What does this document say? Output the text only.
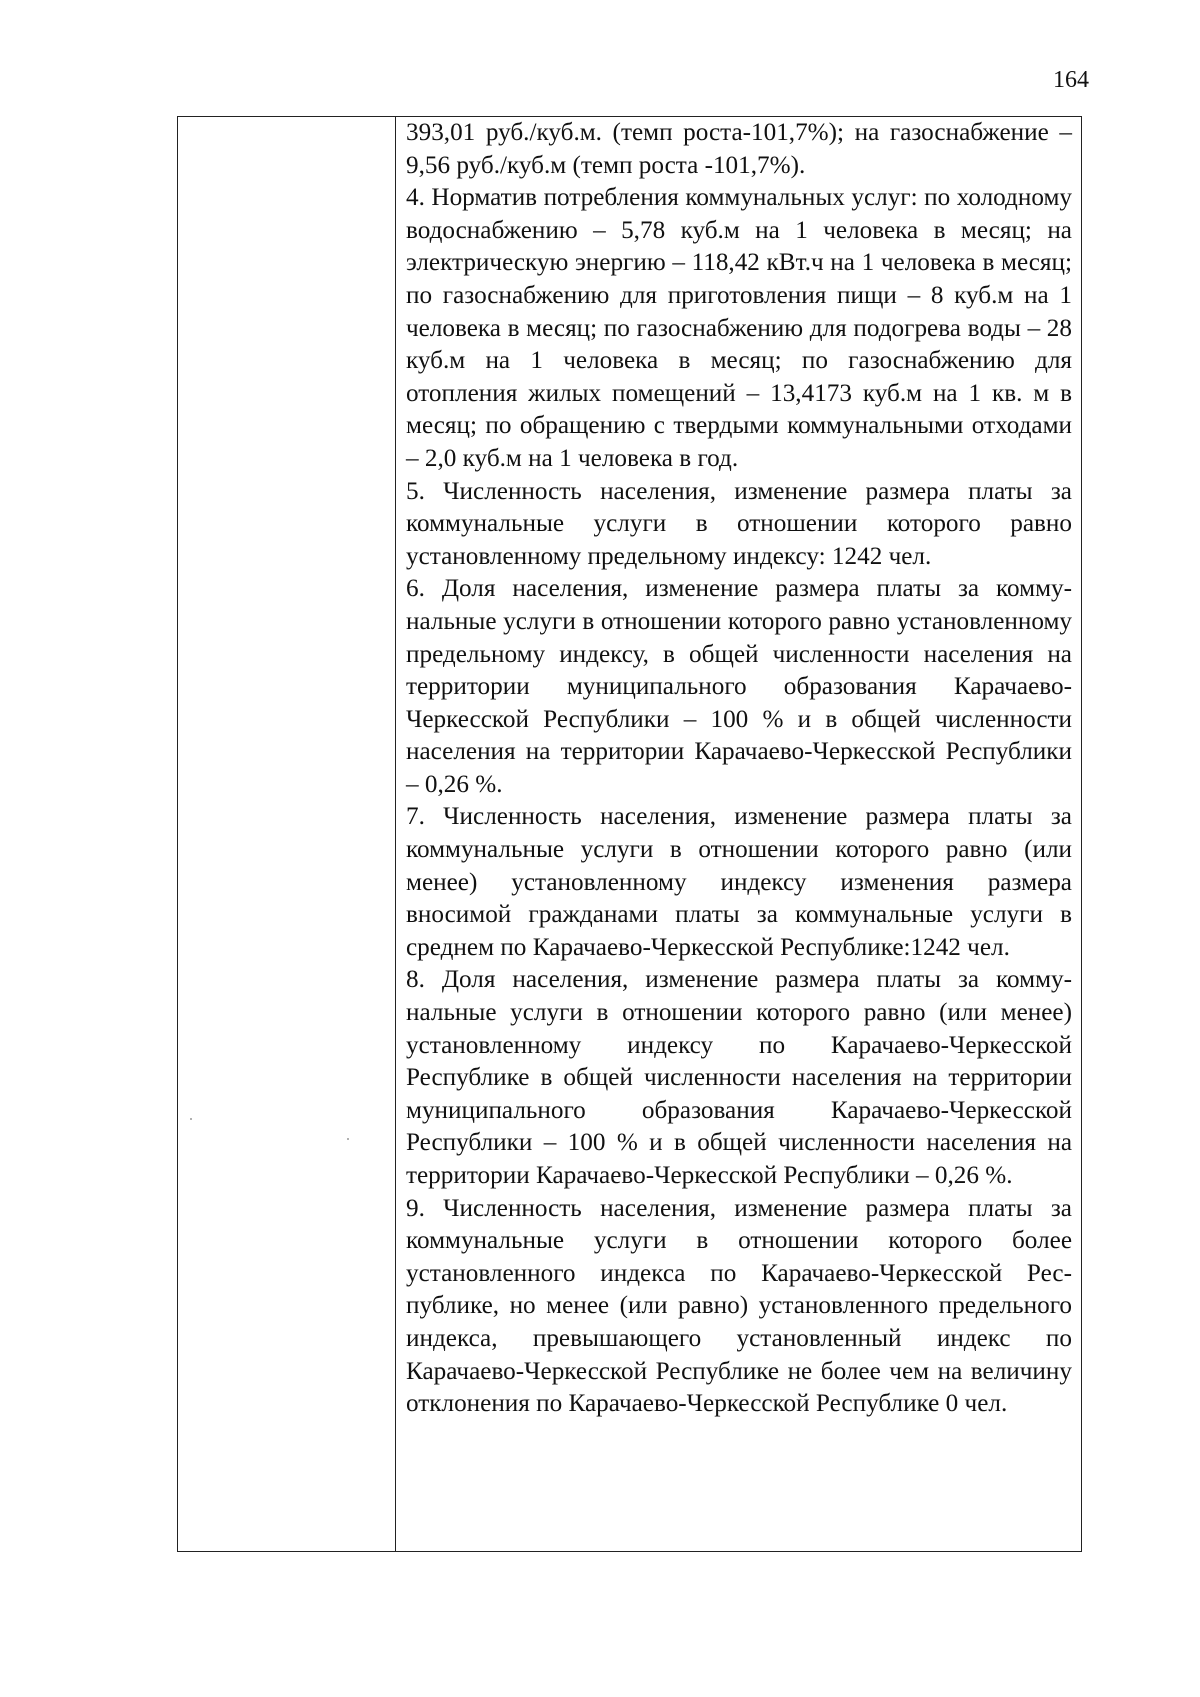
164

393,01 руб./куб.м. (темп роста-101,7%); на газоснабжение – 9,56 руб./куб.м (темп роста -101,7%).

4. Норматив потребления коммунальных услуг: по холодному водоснабжению – 5,78 куб.м на 1 человека в месяц; на электрическую энергию – 118,42 кВт.ч на 1 человека в месяц; по газоснабжению для приготовления пищи – 8 куб.м на 1 человека в месяц; по газоснабжению для подогрева воды – 28 куб.м на 1 человека в месяц; по газоснабжению для отопления жилых помещений – 13,4173 куб.м на 1 кв. м в месяц; по обращению с твердыми коммунальными отходами – 2,0 куб.м на 1 человека в год.

5. Численность населения, изменение размера платы за коммунальные услуги в отношении которого равно установленному предельному индексу: 1242 чел.

6. Доля населения, изменение размера платы за коммунальные услуги в отношении которого равно установленному предельному индексу, в общей численности населения на территории муниципального образования Карачаево-Черкесской Республики – 100 % и в общей численности населения на территории Карачаево-Черкесской Республики – 0,26 %.

7. Численность населения, изменение размера платы за коммунальные услуги в отношении которого равно (или менее) установленному индексу изменения размера вносимой гражданами платы за коммунальные услуги в среднем по Карачаево-Черкесской Республике:1242 чел.

8. Доля населения, изменение размера платы за коммунальные услуги в отношении которого равно (или менее) установленному индексу по Карачаево-Черкесской Республике в общей численности населения на территории муниципального образования Карачаево-Черкесской Республики – 100 % и в общей численности населения на территории Карачаево-Черкесской Республики – 0,26 %.

9. Численность населения, изменение размера платы за коммунальные услуги в отношении которого более установленного индекса по Карачаево-Черкесской Республике, но менее (или равно) установленного предельного индекса, превышающего установленный индекс по Карачаево-Черкесской Республике не более чем на величину отклонения по Карачаево-Черкесской Республике 0 чел.
